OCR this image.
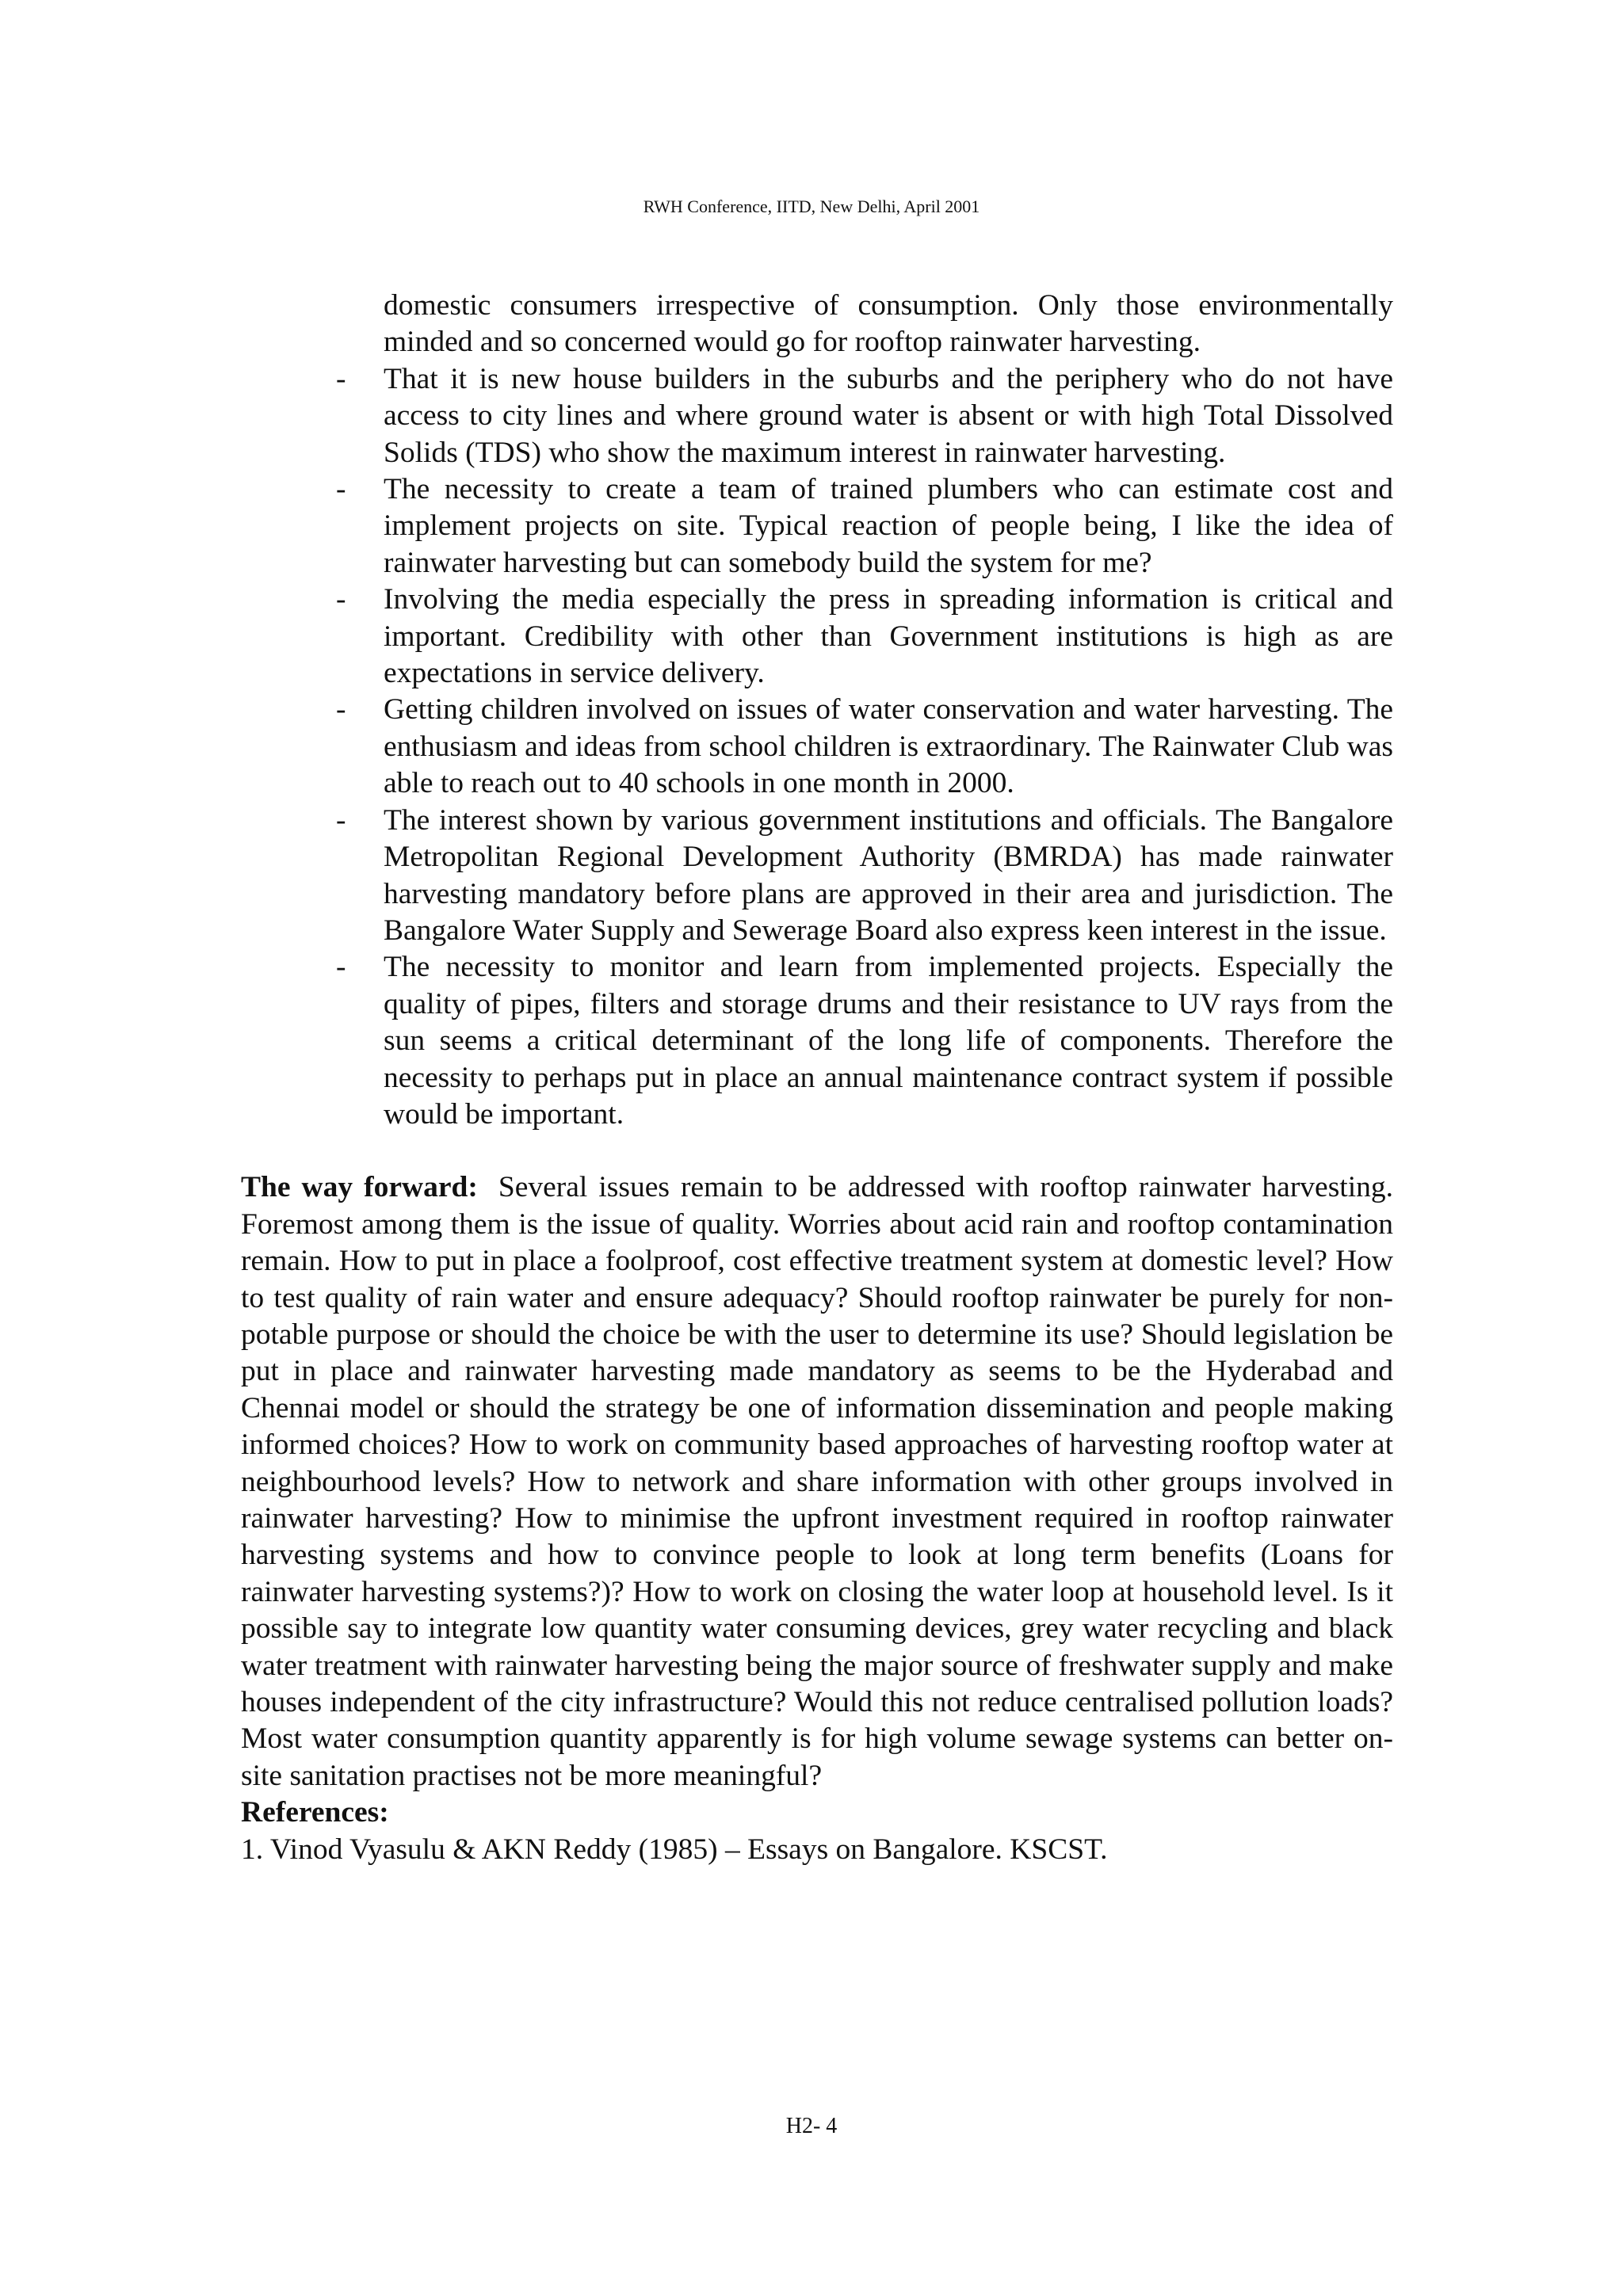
RWH Conference, IITD, New Delhi, April 2001
domestic consumers irrespective of consumption. Only those environmentally minded and so concerned would go for rooftop rainwater harvesting.
- That it is new house builders in the suburbs and the periphery who do not have access to city lines and where ground water is absent or with high Total Dissolved Solids (TDS) who show the maximum interest in rainwater harvesting.
- The necessity to create a team of trained plumbers who can estimate cost and implement projects on site. Typical reaction of people being, I like the idea of rainwater harvesting but can somebody build the system for me?
- Involving the media especially the press in spreading information is critical and important. Credibility with other than Government institutions is high as are expectations in service delivery.
- Getting children involved on issues of water conservation and water harvesting. The enthusiasm and ideas from school children is extraordinary. The Rainwater Club was able to reach out to 40 schools in one month in 2000.
- The interest shown by various government institutions and officials. The Bangalore Metropolitan Regional Development Authority (BMRDA) has made rainwater harvesting mandatory before plans are approved in their area and jurisdiction. The Bangalore Water Supply and Sewerage Board also express keen interest in the issue.
- The necessity to monitor and learn from implemented projects. Especially the quality of pipes, filters and storage drums and their resistance to UV rays from the sun seems a critical determinant of the long life of components. Therefore the necessity to perhaps put in place an annual maintenance contract system if possible would be important.

The way forward: Several issues remain to be addressed with rooftop rainwater harvesting. Foremost among them is the issue of quality. Worries about acid rain and rooftop contamination remain. How to put in place a foolproof, cost effective treatment system at domestic level? How to test quality of rain water and ensure adequacy? Should rooftop rainwater be purely for non-potable purpose or should the choice be with the user to determine its use? Should legislation be put in place and rainwater harvesting made mandatory as seems to be the Hyderabad and Chennai model or should the strategy be one of information dissemination and people making informed choices? How to work on community based approaches of harvesting rooftop water at neighbourhood levels? How to network and share information with other groups involved in rainwater harvesting? How to minimise the upfront investment required in rooftop rainwater harvesting systems and how to convince people to look at long term benefits (Loans for rainwater harvesting systems?)? How to work on closing the water loop at household level. Is it possible say to integrate low quantity water consuming devices, grey water recycling and black water treatment with rainwater harvesting being the major source of freshwater supply and make houses independent of the city infrastructure? Would this not reduce centralised pollution loads? Most water consumption quantity apparently is for high volume sewage systems can better on-site sanitation practises not be more meaningful?

References:
1. Vinod Vyasulu & AKN Reddy (1985) – Essays on Bangalore. KSCST.
H2- 4
